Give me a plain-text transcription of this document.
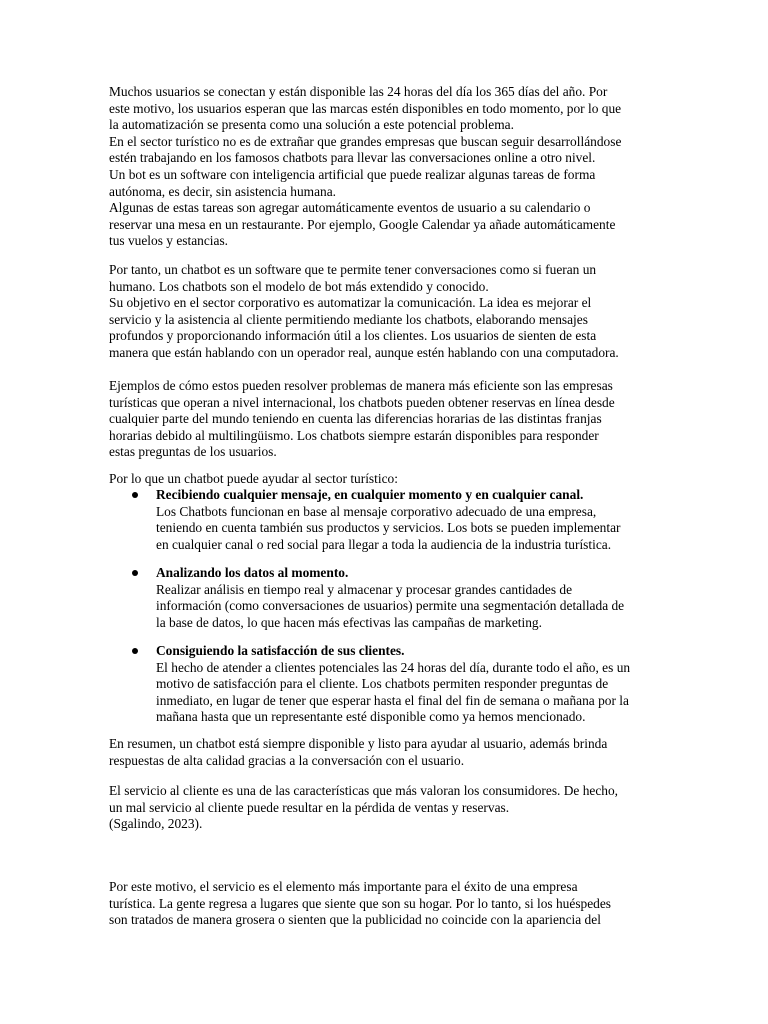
Muchos usuarios se conectan y están disponible las 24 horas del día los 365 días del año. Por
este motivo, los usuarios esperan que las marcas estén disponibles en todo momento, por lo que
la automatización se presenta como una solución a este potencial problema.
En el sector turístico no es de extrañar que grandes empresas que buscan seguir desarrollándose
estén trabajando en los famosos chatbots para llevar las conversaciones online a otro nivel.
Un bot es un software con inteligencia artificial que puede realizar algunas tareas de forma
autónoma, es decir, sin asistencia humana.
Algunas de estas tareas son agregar automáticamente eventos de usuario a su calendario o
reservar una mesa en un restaurante. Por ejemplo, Google Calendar ya añade automáticamente
tus vuelos y estancias.
Por tanto, un chatbot es un software que te permite tener conversaciones como si fueran un
humano. Los chatbots son el modelo de bot más extendido y conocido.
Su objetivo en el sector corporativo es automatizar la comunicación. La idea es mejorar el
servicio y la asistencia al cliente permitiendo mediante los chatbots, elaborando mensajes
profundos y proporcionando información útil a los clientes. Los usuarios de sienten de esta
manera que están hablando con un operador real, aunque estén hablando con una computadora.
Ejemplos de cómo estos pueden resolver problemas de manera más eficiente son las empresas
turísticas que operan a nivel internacional, los chatbots pueden obtener reservas en línea desde
cualquier parte del mundo teniendo en cuenta las diferencias horarias de las distintas franjas
horarias debido al multilingüismo. Los chatbots siempre estarán disponibles para responder
estas preguntas de los usuarios.
Por lo que un chatbot puede ayudar al sector turístico:
Recibiendo cualquier mensaje, en cualquier momento y en cualquier canal.
Los Chatbots funcionan en base al mensaje corporativo adecuado de una empresa,
teniendo en cuenta también sus productos y servicios. Los bots se pueden implementar
en cualquier canal o red social para llegar a toda la audiencia de la industria turística.
Analizando los datos al momento.
Realizar análisis en tiempo real y almacenar y procesar grandes cantidades de
información (como conversaciones de usuarios) permite una segmentación detallada de
la base de datos, lo que hacen más efectivas las campañas de marketing.
Consiguiendo la satisfacción de sus clientes.
El hecho de atender a clientes potenciales las 24 horas del día, durante todo el año, es un
motivo de satisfacción para el cliente. Los chatbots permiten responder preguntas de
inmediato, en lugar de tener que esperar hasta el final del fin de semana o mañana por la
mañana hasta que un representante esté disponible como ya hemos mencionado.
En resumen, un chatbot está siempre disponible y listo para ayudar al usuario, además brinda
respuestas de alta calidad gracias a la conversación con el usuario.
El servicio al cliente es una de las características que más valoran los consumidores. De hecho,
un mal servicio al cliente puede resultar en la pérdida de ventas y reservas.
(Sgalindo, 2023).
Por este motivo, el servicio es el elemento más importante para el éxito de una empresa
turística. La gente regresa a lugares que siente que son su hogar. Por lo tanto, si los huéspedes
son tratados de manera grosera o sienten que la publicidad no coincide con la apariencia del
